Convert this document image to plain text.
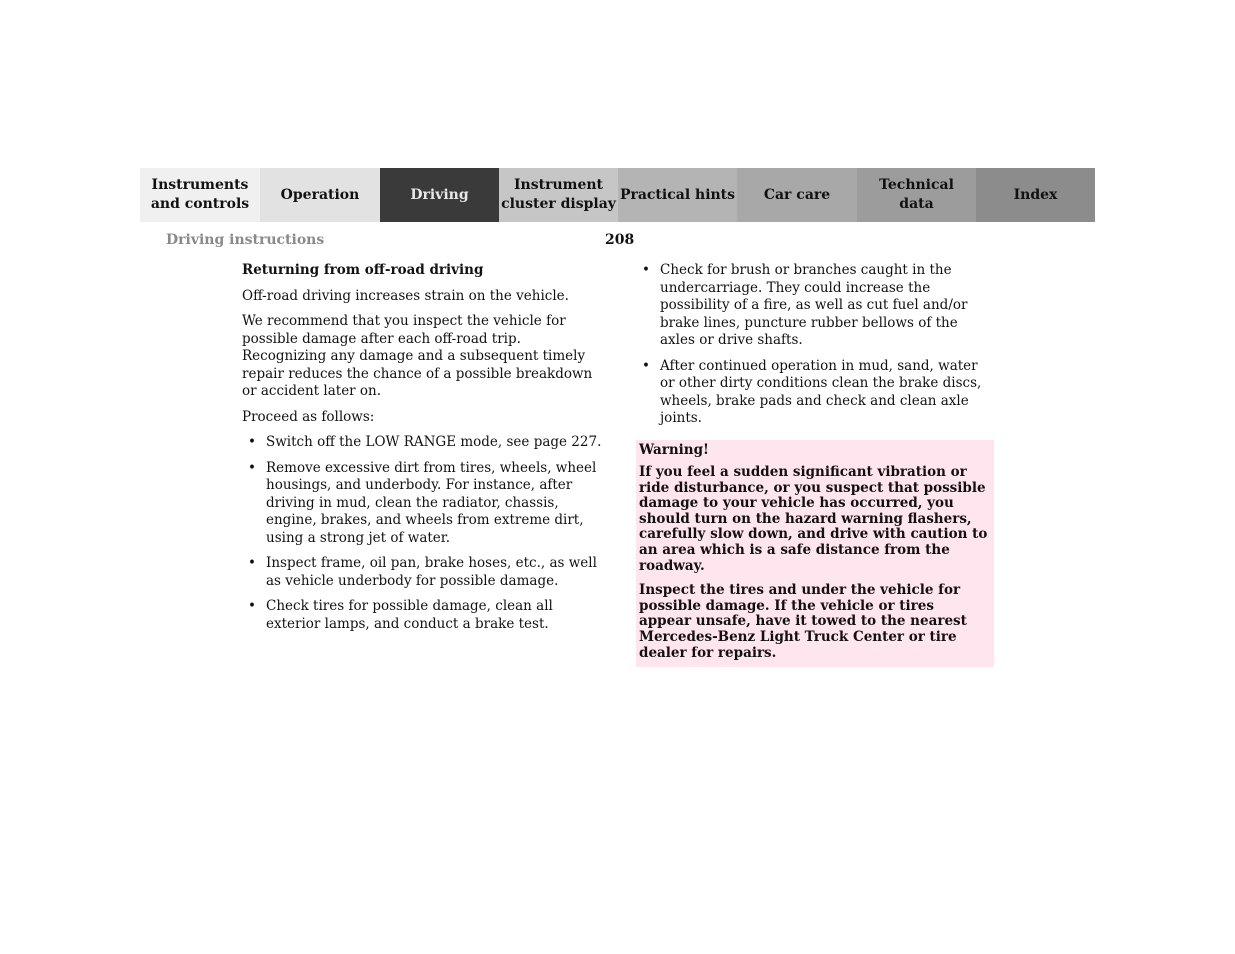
Instruments
and controls
Operation	Driving
Instrument
cluster display
Practical hints	Car care
Technical
data
Index
Driving instructions	208
Returning from off-road driving

Off-road driving increases strain on the vehicle.

We recommend that you inspect the vehicle for possible damage after each off-road trip. Recognizing any damage and a subsequent timely repair reduces the chance of a possible breakdown or accident later on.

Proceed as follows:

• Switch off the LOW RANGE mode, see page 227.
• Remove excessive dirt from tires, wheels, wheel housings, and underbody. For instance, after driving in mud, clean the radiator, chassis, engine, brakes, and wheels from extreme dirt, using a strong jet of water.
• Inspect frame, oil pan, brake hoses, etc., as well as vehicle underbody for possible damage.
• Check tires for possible damage, clean all exterior lamps, and conduct a brake test.
• Check for brush or branches caught in the undercarriage. They could increase the possibility of a fire, as well as cut fuel and/or brake lines, puncture rubber bellows of the axles or drive shafts.
• After continued operation in mud, sand, water or other dirty conditions clean the brake discs, wheels, brake pads and check and clean axle joints.
Warning!
If you feel a sudden significant vibration or ride disturbance, or you suspect that possible damage to your vehicle has occurred, you should turn on the hazard warning flashers, carefully slow down, and drive with caution to an area which is a safe distance from the roadway.
Inspect the tires and under the vehicle for possible damage. If the vehicle or tires appear unsafe, have it towed to the nearest Mercedes-Benz Light Truck Center or tire dealer for repairs.
